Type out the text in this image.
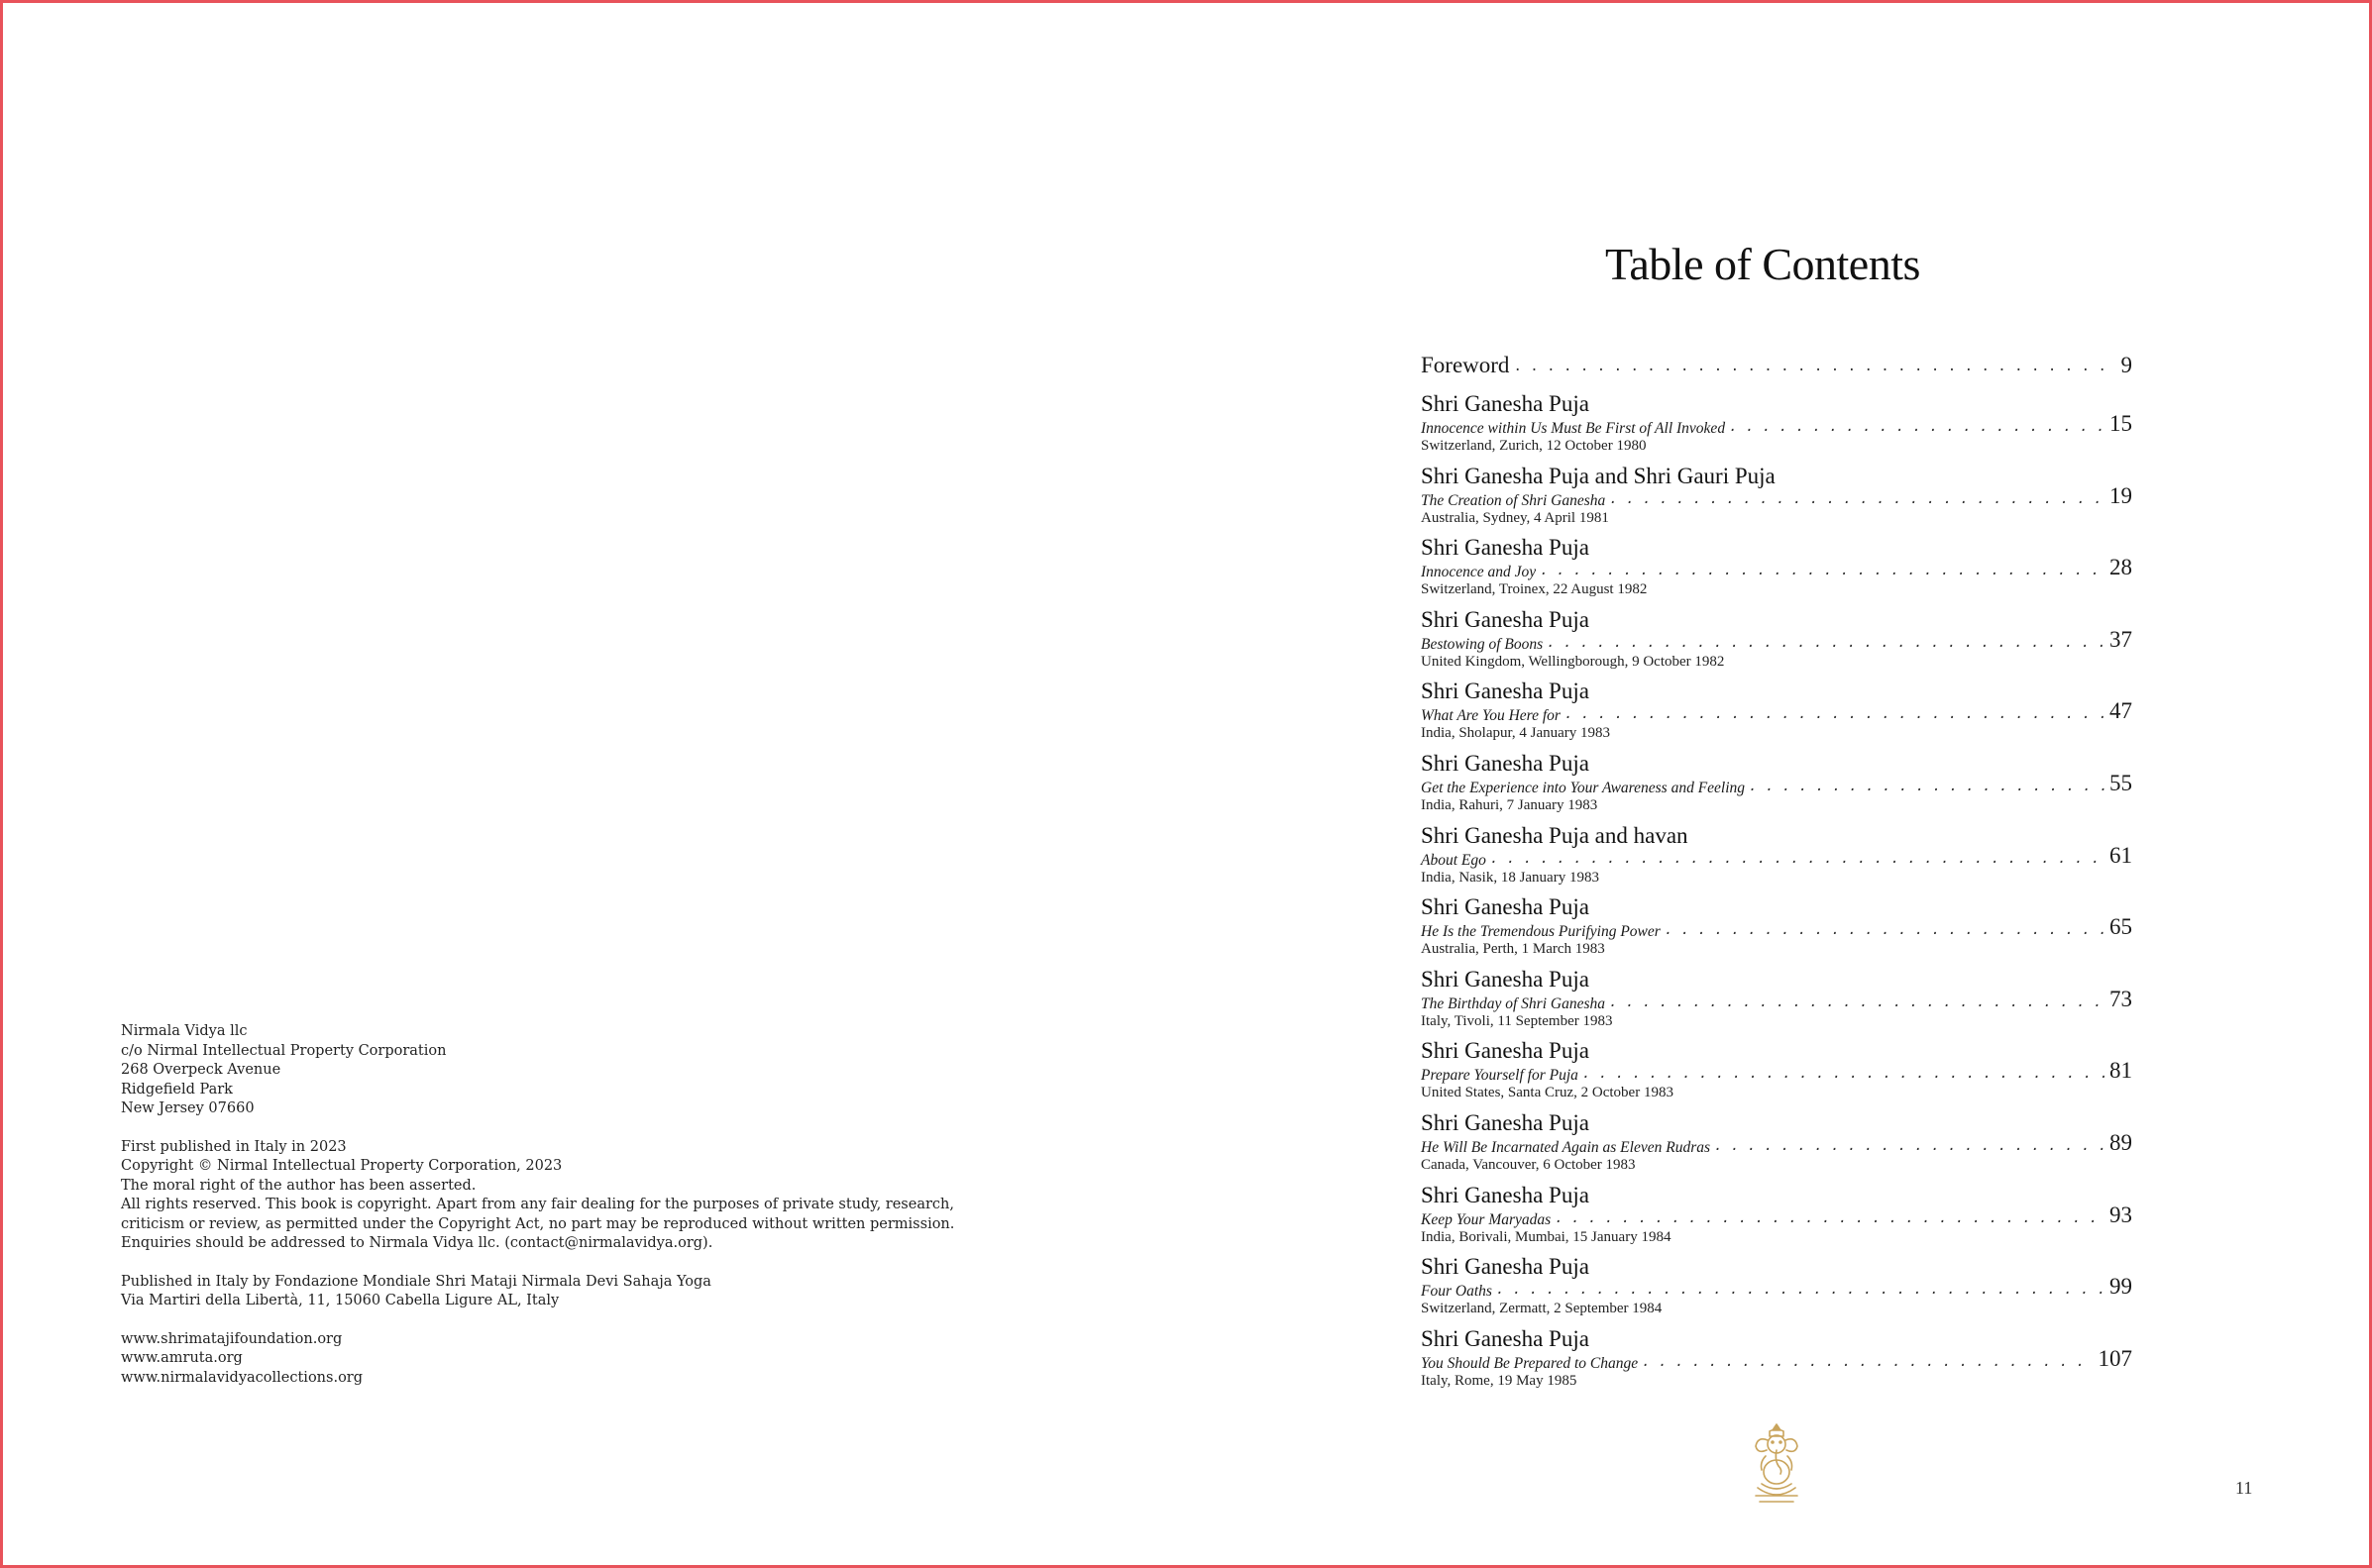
Nirmala Vidya llc
c/o Nirmal Intellectual Property Corporation
268 Overpeck Avenue
Ridgefield Park
New Jersey 07660
First published in Italy in 2023
Copyright © Nirmal Intellectual Property Corporation, 2023
The moral right of the author has been asserted.
All rights reserved. This book is copyright. Apart from any fair dealing for the purposes of private study, research,
criticism or review, as permitted under the Copyright Act, no part may be reproduced without written permission.
Enquiries should be addressed to Nirmala Vidya llc. (contact@nirmalavidya.org).
Published in Italy by Fondazione Mondiale Shri Mataji Nirmala Devi Sahaja Yoga
Via Martiri della Libertà, 11, 15060 Cabella Ligure AL, Italy
www.shrimatajifoundation.org
www.amruta.org
www.nirmalavidyacollections.org
Table of Contents
Foreword . . .	9
Shri Ganesha Puja
Innocence within Us Must Be First of All Invoked . . .	15
Switzerland, Zurich, 12 October 1980
Shri Ganesha Puja and Shri Gauri Puja
The Creation of Shri Ganesha . . .	19
Australia, Sydney, 4 April 1981
Shri Ganesha Puja
Innocence and Joy . . .	28
Switzerland, Troinex, 22 August 1982
Shri Ganesha Puja
Bestowing of Boons . . .	37
United Kingdom, Wellingborough, 9 October 1982
Shri Ganesha Puja
What Are You Here for . . .	47
India, Sholapur, 4 January 1983
Shri Ganesha Puja
Get the Experience into Your Awareness and Feeling . . .	55
India, Rahuri, 7 January 1983
Shri Ganesha Puja and havan
About Ego . . .	61
India, Nasik, 18 January 1983
Shri Ganesha Puja
He Is the Tremendous Purifying Power . . .	65
Australia, Perth, 1 March 1983
Shri Ganesha Puja
The Birthday of Shri Ganesha . . .	73
Italy, Tivoli, 11 September 1983
Shri Ganesha Puja
Prepare Yourself for Puja . . .	81
United States, Santa Cruz, 2 October 1983
Shri Ganesha Puja
He Will Be Incarnated Again as Eleven Rudras . . .	89
Canada, Vancouver, 6 October 1983
Shri Ganesha Puja
Keep Your Maryadas . . .	93
India, Borivali, Mumbai, 15 January 1984
Shri Ganesha Puja
Four Oaths . . .	99
Switzerland, Zermatt, 2 September 1984
Shri Ganesha Puja
You Should Be Prepared to Change . . .	107
Italy, Rome, 19 May 1985
11
